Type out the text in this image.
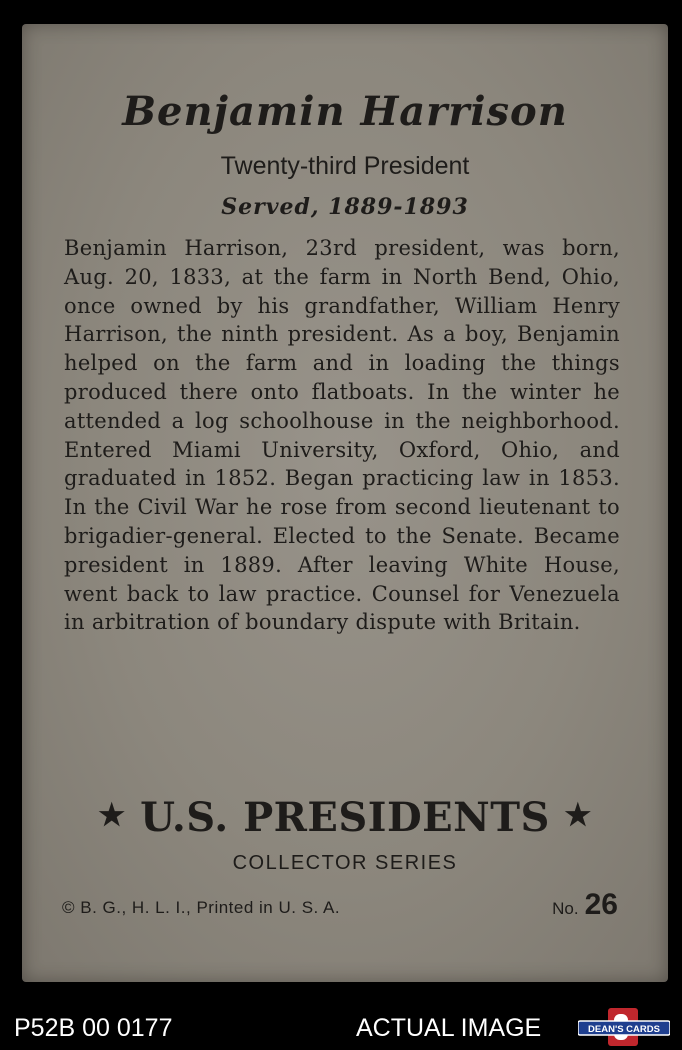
Benjamin Harrison
Twenty-third President
Served, 1889-1893
Benjamin Harrison, 23rd president, was born, Aug. 20, 1833, at the farm in North Bend, Ohio, once owned by his grandfather, William Henry Harrison, the ninth president. As a boy, Benjamin helped on the farm and in loading the things produced there onto flatboats. In the winter he attended a log schoolhouse in the neighborhood. Entered Miami University, Oxford, Ohio, and graduated in 1852. Began practicing law in 1853. In the Civil War he rose from second lieutenant to brigadier-general. Elected to the Senate. Became president in 1889. After leaving White House, went back to law practice. Counsel for Venezuela in arbitration of boundary dispute with Britain.
★ U.S. PRESIDENTS ★
COLLECTOR SERIES
© B. G., H. L. I., Printed in U. S. A.	No. 26
P52B 00 0177	ACTUAL IMAGE	DEAN'S CARDS
